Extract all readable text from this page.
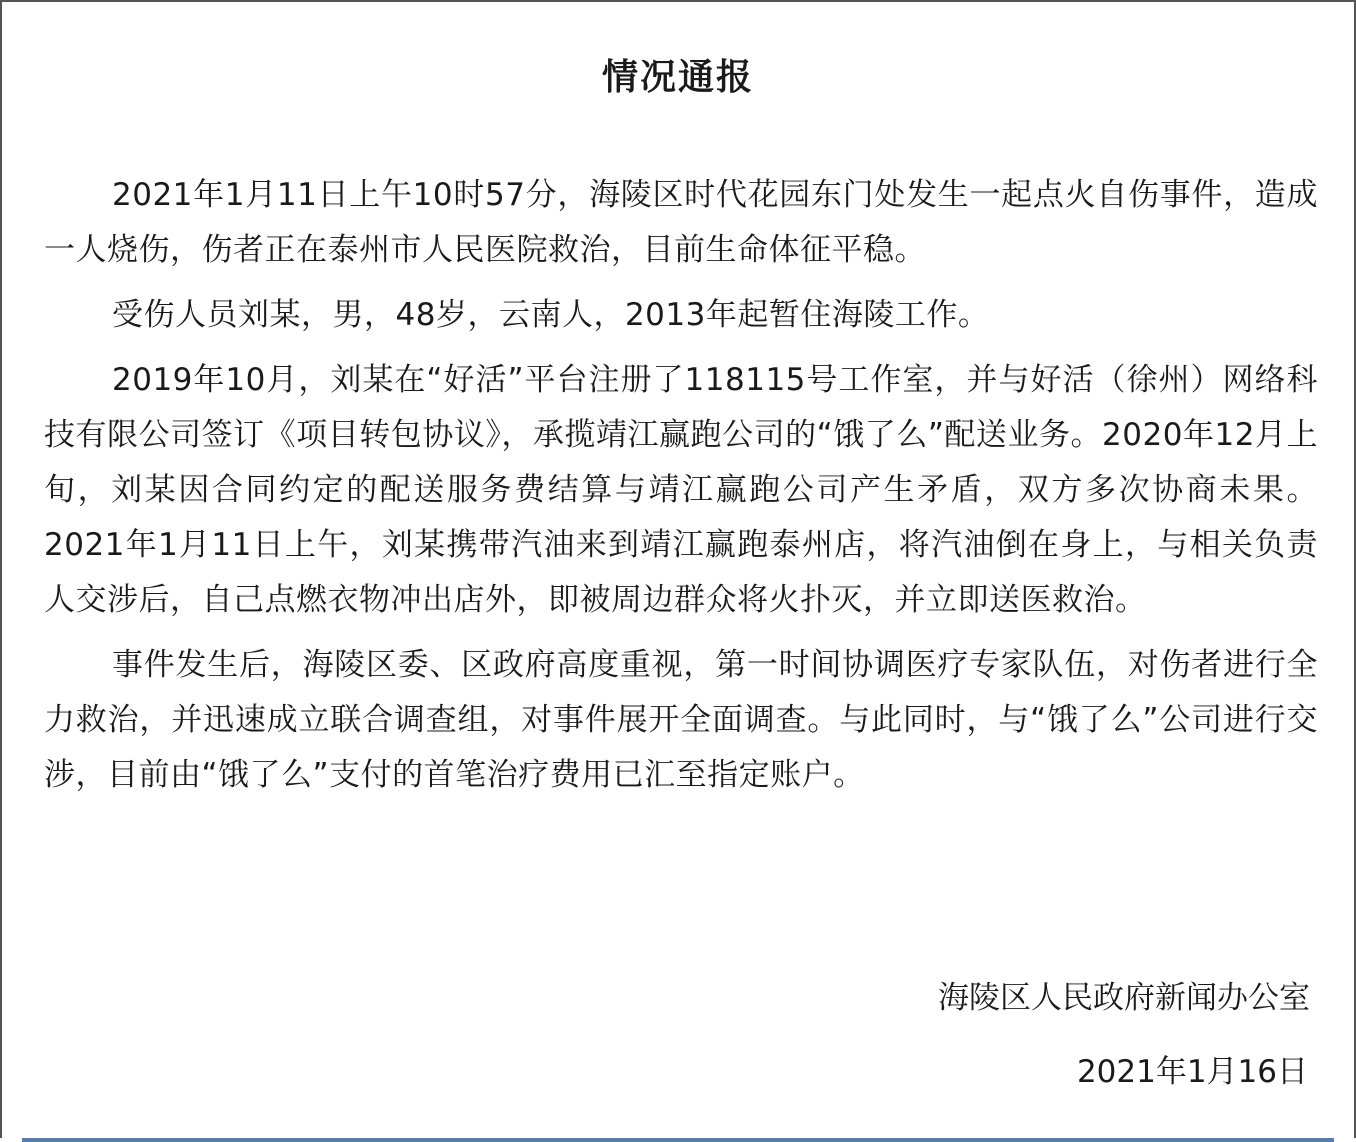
情况通报

2021年1月11日上午10时57分，海陵区时代花园东门处发生一起点火自伤事件，造成一人烧伤，伤者正在泰州市人民医院救治，目前生命体征平稳。

受伤人员刘某，男，48岁，云南人，2013年起暂住海陵工作。

2019年10月，刘某在“好活”平台注册了118115号工作室，并与好活（徐州）网络科技有限公司签订《项目转包协议》，承揽靖江赢跑公司的“饿了么”配送业务。2020年12月上旬，刘某因合同约定的配送服务费结算与靖江赢跑公司产生矛盾，双方多次协商未果。2021年1月11日上午，刘某携带汽油来到靖江赢跑泰州店，将汽油倒在身上，与相关负责人交涉后，自己点燃衣物冲出店外，即被周边群众将火扑灭，并立即送医救治。

事件发生后，海陵区委、区政府高度重视，第一时间协调医疗专家队伍，对伤者进行全力救治，并迅速成立联合调查组，对事件展开全面调查。与此同时，与“饿了么”公司进行交涉，目前由“饿了么”支付的首笔治疗费用已汇至指定账户。

海陵区人民政府新闻办公室

2021年1月16日
